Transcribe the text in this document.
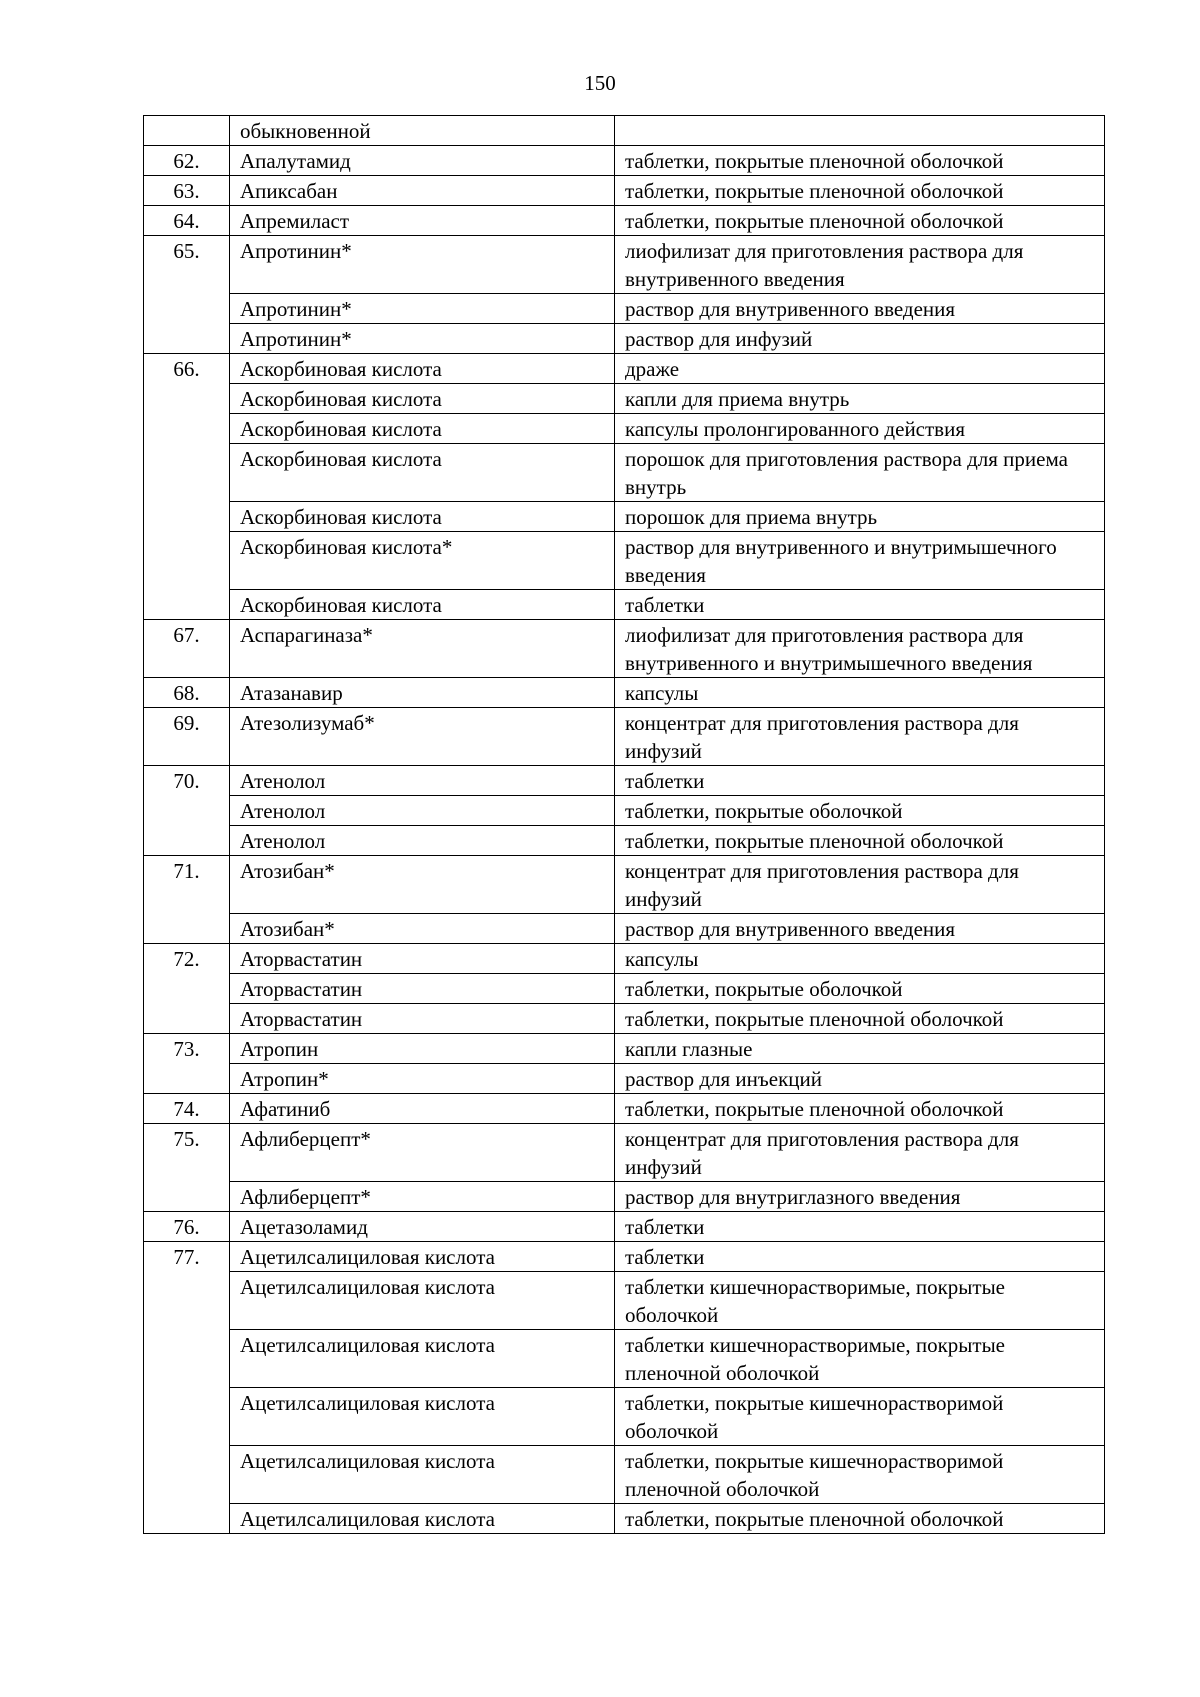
150
	обыкновенной	
62.	Апалутамид	таблетки, покрытые пленочной оболочкой
63.	Апиксабан	таблетки, покрытые пленочной оболочкой
64.	Апремиласт	таблетки, покрытые пленочной оболочкой
65.	Апротинин*	лиофилизат для приготовления раствора для внутривенного введения
	Апротинин*	раствор для внутривенного введения
	Апротинин*	раствор для инфузий
66.	Аскорбиновая кислота	драже
	Аскорбиновая кислота	капли для приема внутрь
	Аскорбиновая кислота	капсулы пролонгированного действия
	Аскорбиновая кислота	порошок для приготовления раствора для приема внутрь
	Аскорбиновая кислота	порошок для приема внутрь
	Аскорбиновая кислота*	раствор для внутривенного и внутримышечного введения
	Аскорбиновая кислота	таблетки
67.	Аспарагиназа*	лиофилизат для приготовления раствора для внутривенного и внутримышечного введения
68.	Атазанавир	капсулы
69.	Атезолизумаб*	концентрат для приготовления раствора для инфузий
70.	Атенолол	таблетки
	Атенолол	таблетки, покрытые оболочкой
	Атенолол	таблетки, покрытые пленочной оболочкой
71.	Атозибан*	концентрат для приготовления раствора для инфузий
	Атозибан*	раствор для внутривенного введения
72.	Аторвастатин	капсулы
	Аторвастатин	таблетки, покрытые оболочкой
	Аторвастатин	таблетки, покрытые пленочной оболочкой
73.	Атропин	капли глазные
	Атропин*	раствор для инъекций
74.	Афатиниб	таблетки, покрытые пленочной оболочкой
75.	Афлиберцепт*	концентрат для приготовления раствора для инфузий
	Афлиберцепт*	раствор для внутриглазного введения
76.	Ацетазоламид	таблетки
77.	Ацетилсалициловая кислота	таблетки
	Ацетилсалициловая кислота	таблетки кишечнорастворимые, покрытые оболочкой
	Ацетилсалициловая кислота	таблетки кишечнорастворимые, покрытые пленочной оболочкой
	Ацетилсалициловая кислота	таблетки, покрытые кишечнорастворимой оболочкой
	Ацетилсалициловая кислота	таблетки, покрытые кишечнорастворимой пленочной оболочкой
	Ацетилсалициловая кислота	таблетки, покрытые пленочной оболочкой
